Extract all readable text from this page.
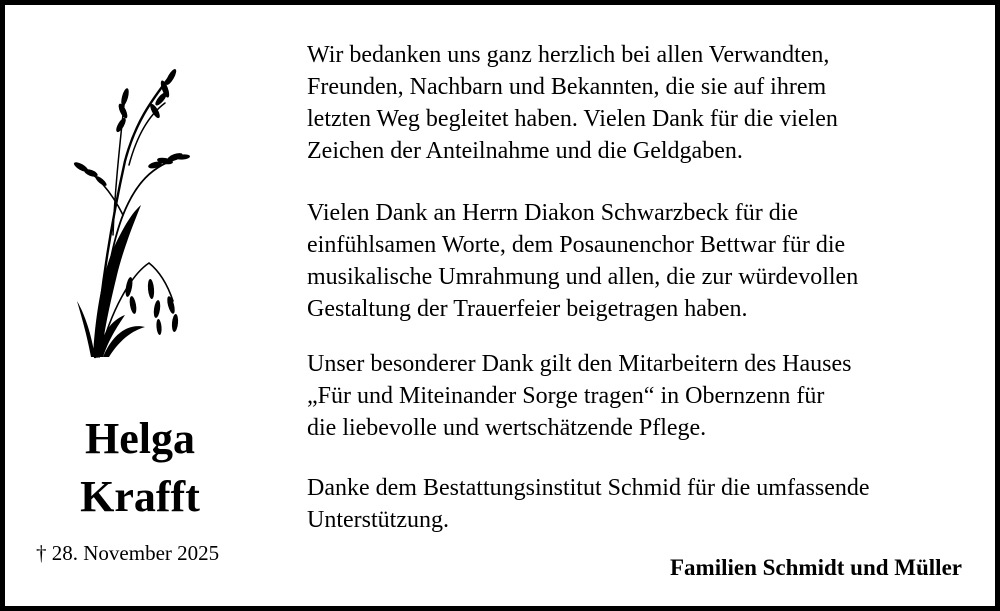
Helga
Krafft
† 28. November 2025

Wir bedanken uns ganz herzlich bei allen Verwandten,

Freunden, Nachbarn und Bekannten, die sie auf ihrem

letzten Weg begleitet haben. Vielen Dank für die vielen

Zeichen der Anteilnahme und die Geldgaben.

Vielen Dank an Herrn Diakon Schwarzbeck für die

einfühlsamen Worte, dem Posaunenchor Bettwar für die

musikalische Umrahmung und allen, die zur würdevollen

Gestaltung der Trauerfeier beigetragen haben.

Unser besonderer Dank gilt den Mitarbeitern des Hauses

„Für und Miteinander Sorge tragen“ in Obernzenn für

die liebevolle und wertschätzende Pflege.

Danke dem Bestattungsinstitut Schmid für die umfassende

Unterstützung.

Familien Schmidt und Müller
